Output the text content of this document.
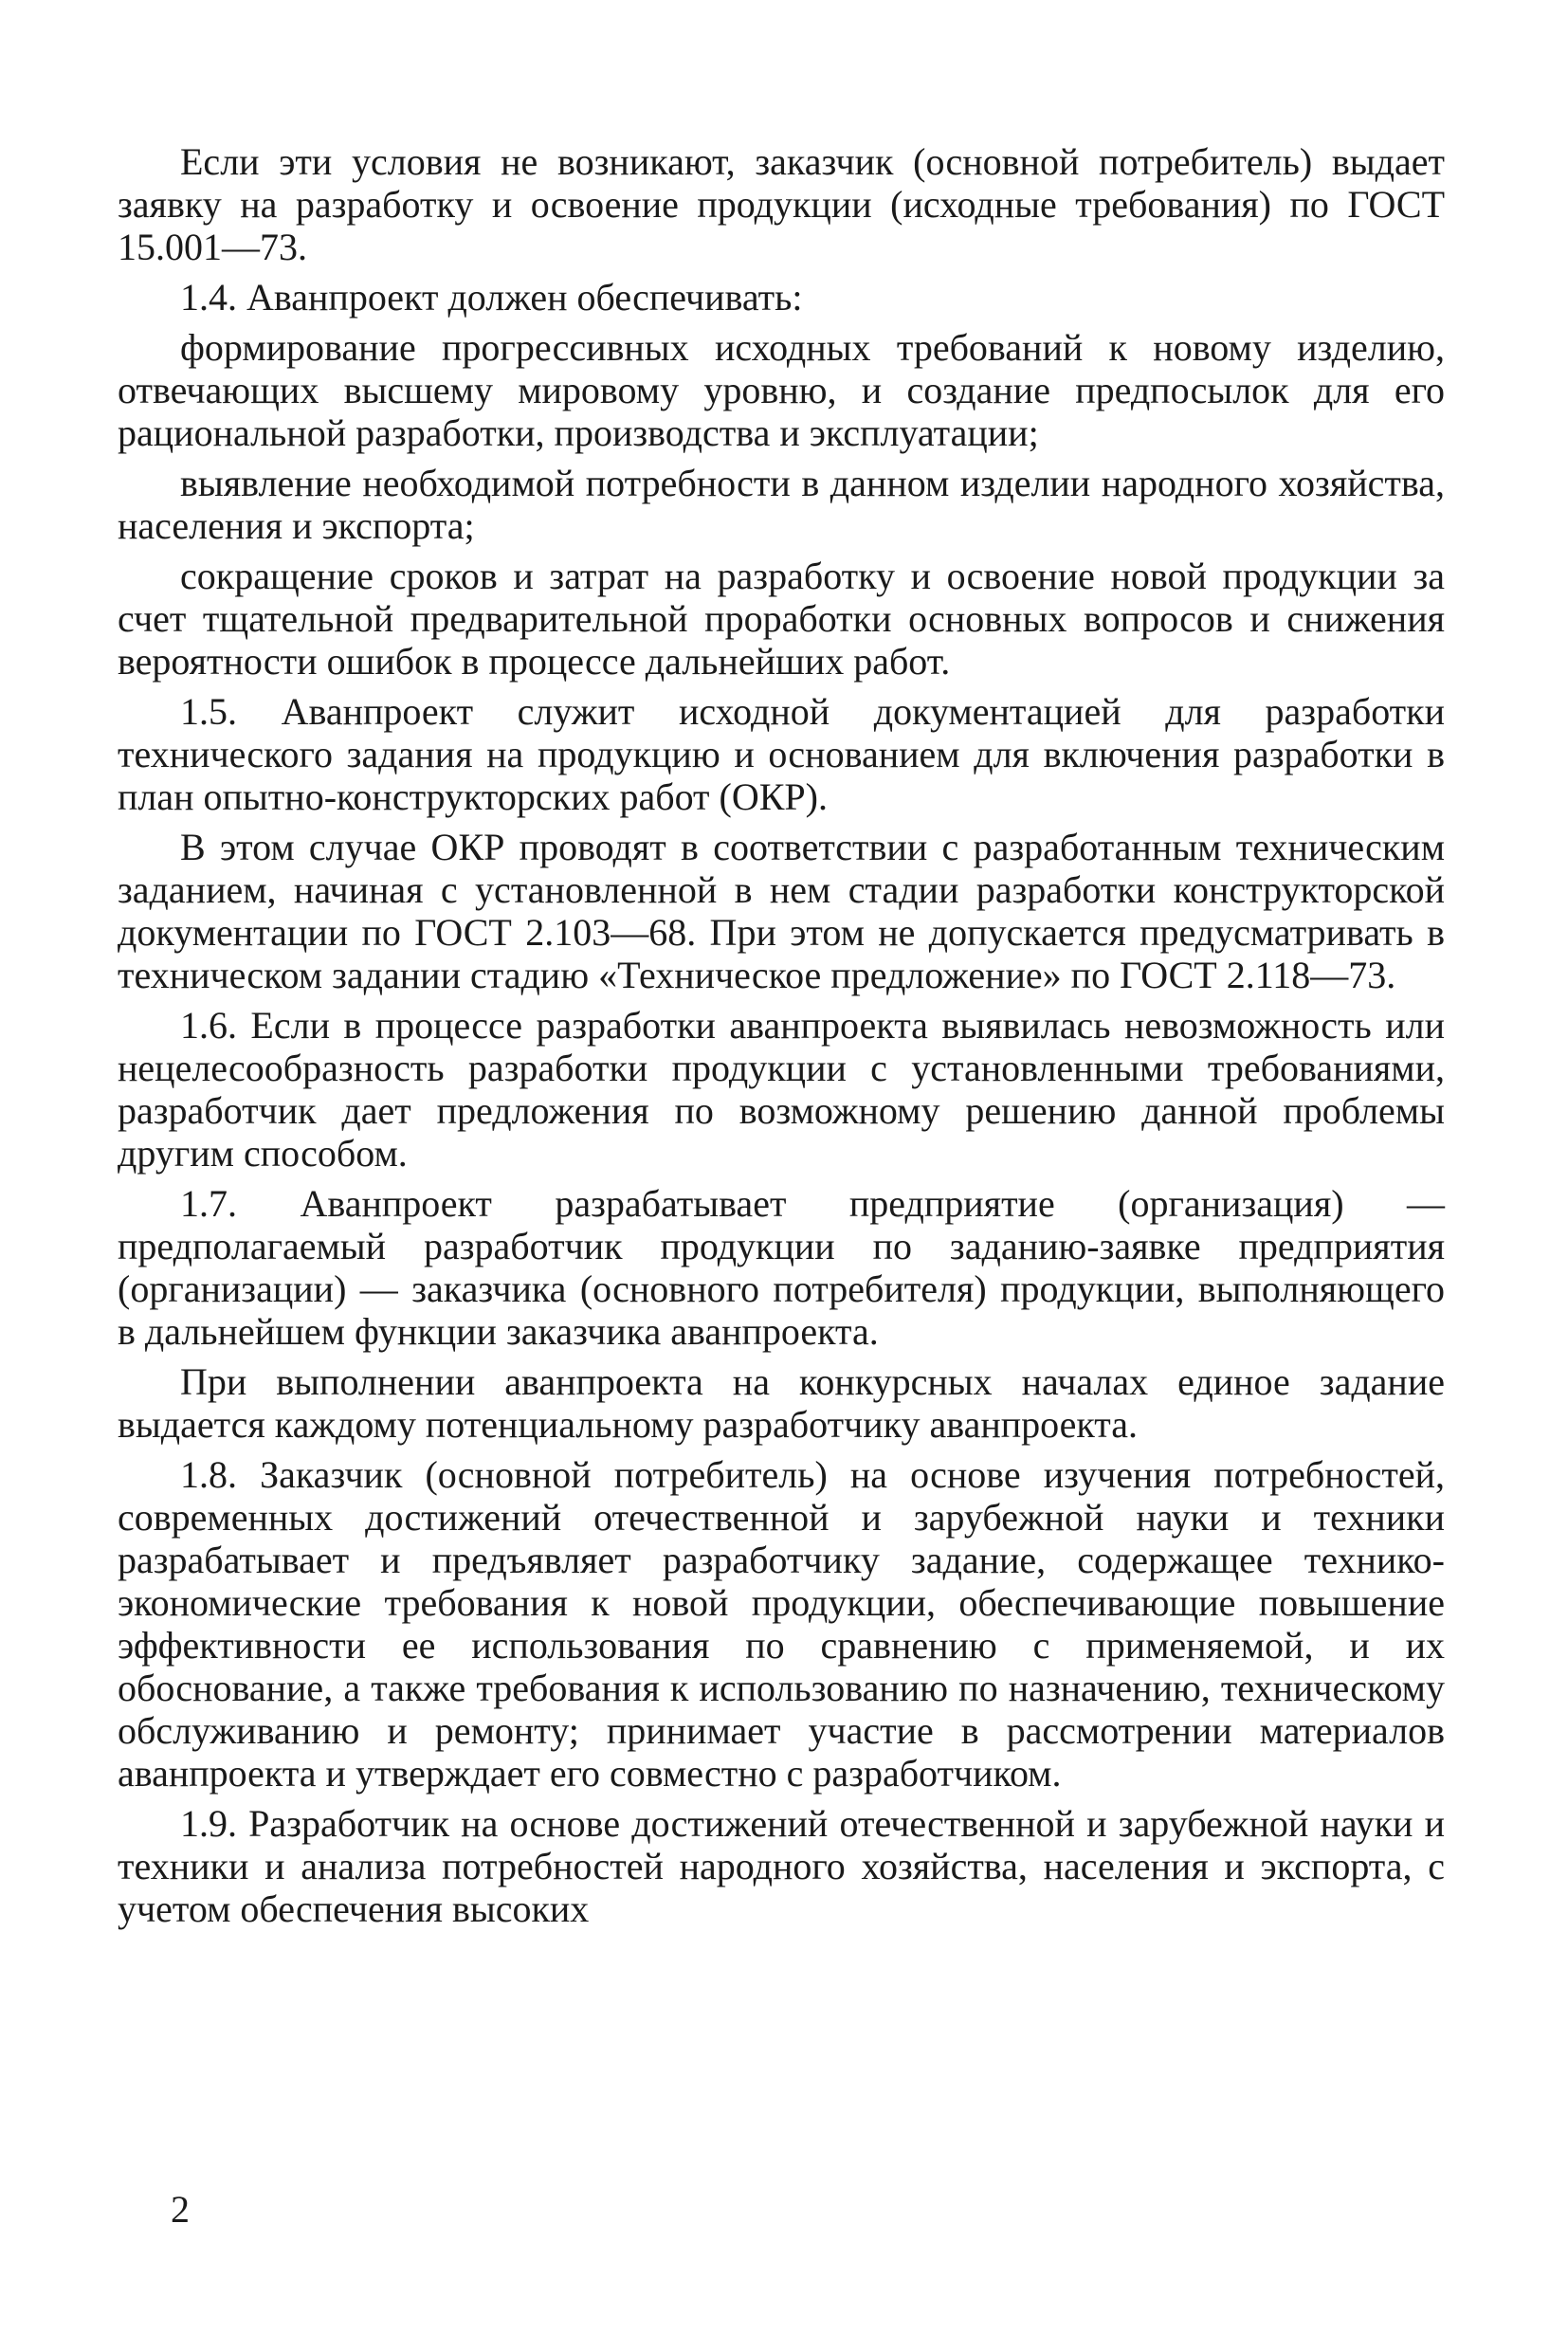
Если эти условия не возникают, заказчик (основной потребитель) выдает заявку на разработку и освоение продукции (исходные требования) по ГОСТ 15.001—73.

1.4. Аванпроект должен обеспечивать:

формирование прогрессивных исходных требований к новому изделию, отвечающих высшему мировому уровню, и создание предпосылок для его рациональной разработки, производства и эксплуатации;

выявление необходимой потребности в данном изделии народного хозяйства, населения и экспорта;

сокращение сроков и затрат на разработку и освоение новой продукции за счет тщательной предварительной проработки основных вопросов и снижения вероятности ошибок в процессе дальнейших работ.

1.5. Аванпроект служит исходной документацией для разработки технического задания на продукцию и основанием для включения разработки в план опытно-конструкторских работ (ОКР).

В этом случае ОКР проводят в соответствии с разработанным техническим заданием, начиная с установленной в нем стадии разработки конструкторской документации по ГОСТ 2.103—68. При этом не допускается предусматривать в техническом задании стадию «Техническое предложение» по ГОСТ 2.118—73.

1.6. Если в процессе разработки аванпроекта выявилась невозможность или нецелесообразность разработки продукции с установленными требованиями, разработчик дает предложения по возможному решению данной проблемы другим способом.

1.7. Аванпроект разрабатывает предприятие (организация) — предполагаемый разработчик продукции по заданию-заявке предприятия (организации) — заказчика (основного потребителя) продукции, выполняющего в дальнейшем функции заказчика аванпроекта.

При выполнении аванпроекта на конкурсных началах единое задание выдается каждому потенциальному разработчику аванпроекта.

1.8. Заказчик (основной потребитель) на основе изучения потребностей, современных достижений отечественной и зарубежной науки и техники разрабатывает и предъявляет разработчику задание, содержащее технико-экономические требования к новой продукции, обеспечивающие повышение эффективности ее использования по сравнению с применяемой, и их обоснование, а также требования к использованию по назначению, техническому обслуживанию и ремонту; принимает участие в рассмотрении материалов аванпроекта и утверждает его совместно с разработчиком.

1.9. Разработчик на основе достижений отечественной и зарубежной науки и техники и анализа потребностей народного хозяйства, населения и экспорта, с учетом обеспечения высоких

2
